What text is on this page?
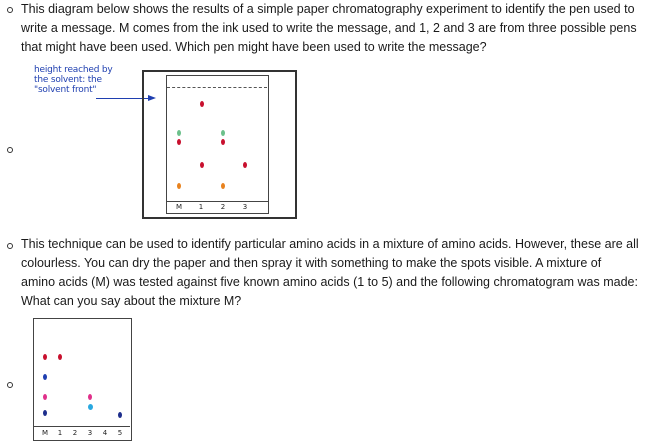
This diagram below shows the results of a simple paper chromatography experiment to identify the pen used to
write a message. M comes from the ink used to write the message, and 1, 2 and 3 are from three possible pens
that might have been used. Which pen might have been used to write the message?
height reached by
the solvent: the
"solvent front"
M	1	2	3
This technique can be used to identify particular amino acids in a mixture of amino acids. However, these are all
colourless. You can dry the paper and then spray it with something to make the spots visible. A mixture of
amino acids (M) was tested against five known amino acids (1 to 5) and the following chromatogram was made:
What can you say about the mixture M?
M	1	2	3	4	5
